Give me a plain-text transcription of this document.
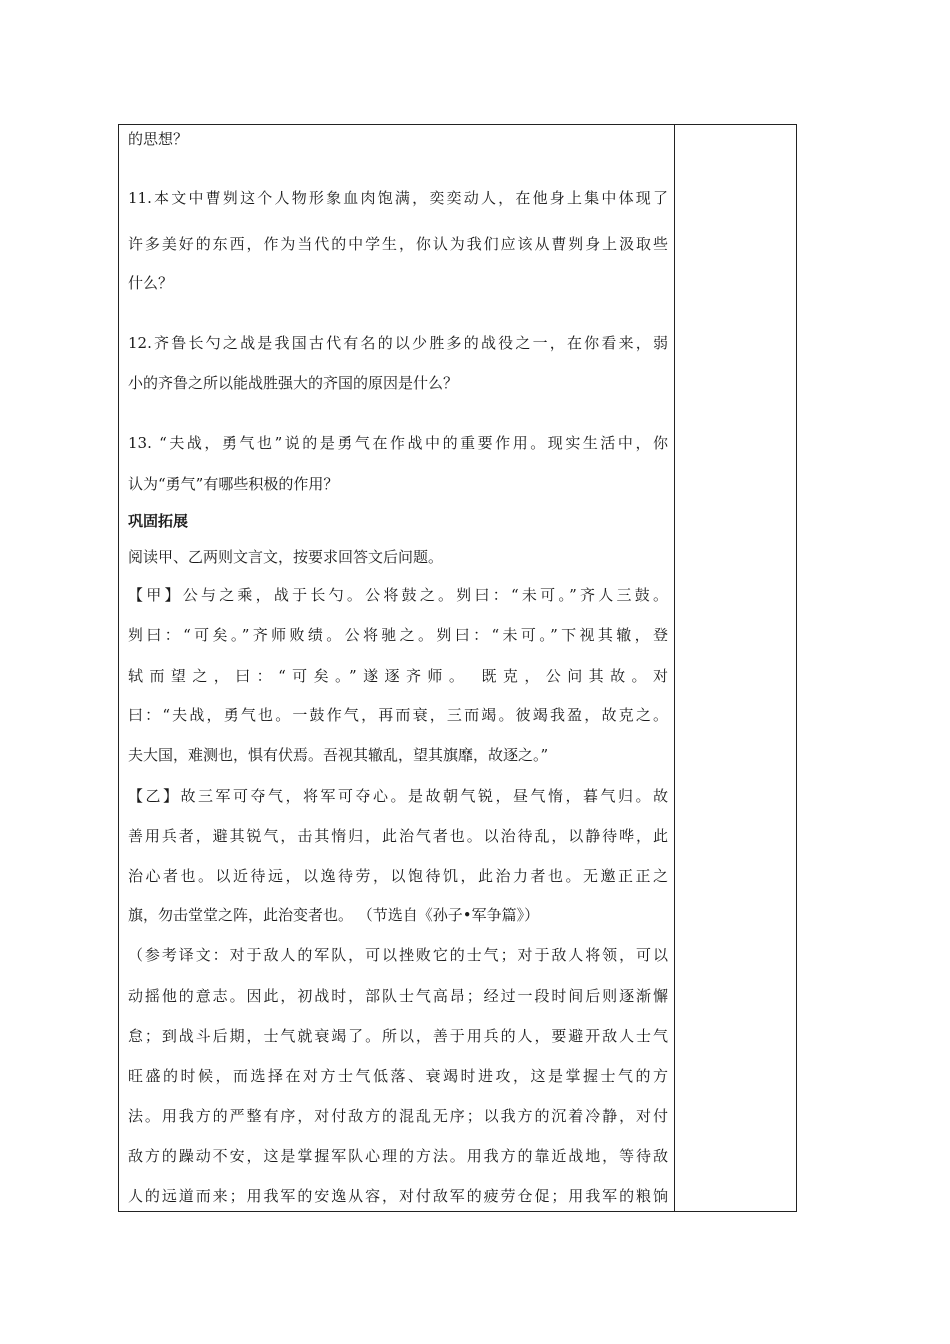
的思想？
11.本文中曹刿这个人物形象血肉饱满，奕奕动人，在他身上集中体现了
许多美好的东西，作为当代的中学生，你认为我们应该从曹刿身上汲取些
什么？
12.齐鲁长勺之战是我国古代有名的以少胜多的战役之一，在你看来，弱
小的齐鲁之所以能战胜强大的齐国的原因是什么？
13. “夫战，勇气也”说的是勇气在作战中的重要作用。现实生活中，你
认为“勇气”有哪些积极的作用？
巩固拓展
阅读甲、乙两则文言文，按要求回答文后问题。
【甲】公与之乘，战于长勺。公将鼓之。刿曰：“未可。”齐人三鼓。
刿曰：“可矣。”齐师败绩。公将驰之。刿曰：“未可。”下视其辙，登
轼而望之，曰：“可矣。”遂逐齐师。 既克，公问其故。对
曰：“夫战，勇气也。一鼓作气，再而衰，三而竭。彼竭我盈，故克之。
夫大国，难测也，惧有伏焉。吾视其辙乱，望其旗靡，故逐之。”
【乙】故三军可夺气，将军可夺心。是故朝气锐，昼气惰，暮气归。故
善用兵者，避其锐气，击其惰归，此治气者也。以治待乱，以静待哗，此
治心者也。以近待远，以逸待劳，以饱待饥，此治力者也。无邀正正之
旗，勿击堂堂之阵，此治变者也。 （节选自《孙子•军争篇》）
（参考译文：对于敌人的军队，可以挫败它的士气；对于敌人将领，可以
动摇他的意志。因此，初战时，部队士气高昂；经过一段时间后则逐渐懈
怠；到战斗后期，士气就衰竭了。所以，善于用兵的人，要避开敌人士气
旺盛的时候，而选择在对方士气低落、衰竭时进攻，这是掌握士气的方
法。用我方的严整有序，对付敌方的混乱无序；以我方的沉着冷静，对付
敌方的躁动不安，这是掌握军队心理的方法。用我方的靠近战地，等待敌
人的远道而来；用我军的安逸从容，对付敌军的疲劳仓促；用我军的粮饷
